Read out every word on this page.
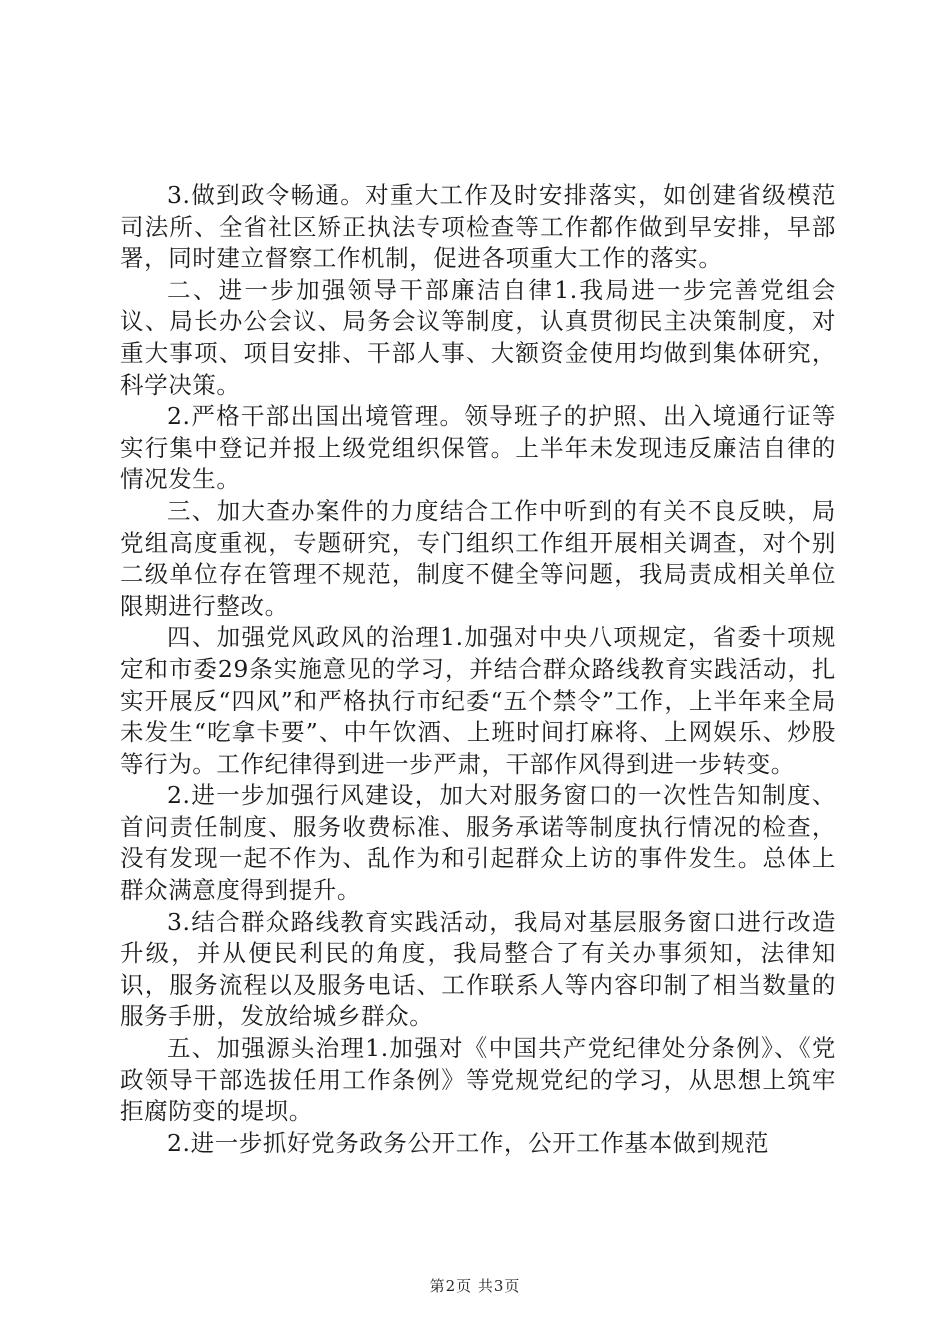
3.做到政令畅通。对重大工作及时安排落实，如创建省级模范司法所、全省社区矫正执法专项检查等工作都作做到早安排，早部署，同时建立督察工作机制，促进各项重大工作的落实。

二、进一步加强领导干部廉洁自律1.我局进一步完善党组会议、局长办公会议、局务会议等制度，认真贯彻民主决策制度，对重大事项、项目安排、干部人事、大额资金使用均做到集体研究，科学决策。

2.严格干部出国出境管理。领导班子的护照、出入境通行证等实行集中登记并报上级党组织保管。上半年未发现违反廉洁自律的情况发生。

三、加大查办案件的力度结合工作中听到的有关不良反映，局党组高度重视，专题研究，专门组织工作组开展相关调查，对个别二级单位存在管理不规范，制度不健全等问题，我局责成相关单位限期进行整改。

四、加强党风政风的治理1.加强对中央八项规定，省委十项规定和市委29条实施意见的学习，并结合群众路线教育实践活动，扎实开展反“四风”和严格执行市纪委“五个禁令”工作，上半年来全局未发生“吃拿卡要”、中午饮酒、上班时间打麻将、上网娱乐、炒股等行为。工作纪律得到进一步严肃，干部作风得到进一步转变。

2.进一步加强行风建设，加大对服务窗口的一次性告知制度、首问责任制度、服务收费标准、服务承诺等制度执行情况的检查，没有发现一起不作为、乱作为和引起群众上访的事件发生。总体上群众满意度得到提升。

3.结合群众路线教育实践活动，我局对基层服务窗口进行改造升级，并从便民利民的角度，我局整合了有关办事须知，法律知识，服务流程以及服务电话、工作联系人等内容印制了相当数量的服务手册，发放给城乡群众。

五、加强源头治理1.加强对《中国共产党纪律处分条例》、《党政领导干部选拔任用工作条例》等党规党纪的学习，从思想上筑牢拒腐防变的堤坝。

2.进一步抓好党务政务公开工作，公开工作基本做到规范

第2页 共3页
